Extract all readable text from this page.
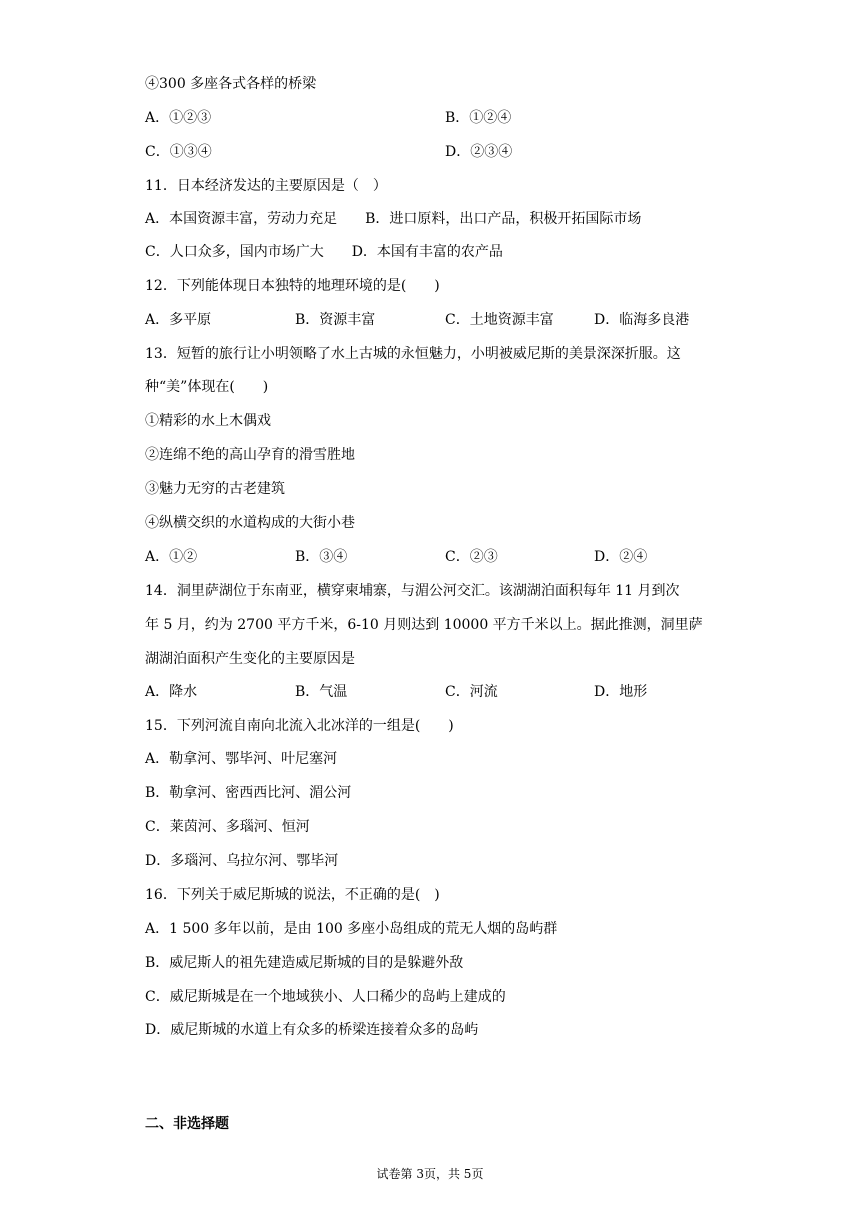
④300 多座各式各样的桥梁
A．①②③	B．①②④
C．①③④	D．②③④
11．日本经济发达的主要原因是（　）
A．本国资源丰富，劳动力充足　　B．进口原料，出口产品，积极开拓国际市场
C．人口众多，国内市场广大　　D．本国有丰富的农产品
12．下列能体现日本独特的地理环境的是(　　)
A．多平原	B．资源丰富	C．土地资源丰富	D．临海多良港
13．短暂的旅行让小明领略了水上古城的永恒魅力，小明被威尼斯的美景深深折服。这
种“美”体现在(　　)
①精彩的水上木偶戏
②连绵不绝的高山孕育的滑雪胜地
③魅力无穷的古老建筑
④纵横交织的水道构成的大街小巷
A．①②	B．③④	C．②③	D．②④
14．洞里萨湖位于东南亚，横穿柬埔寨，与湄公河交汇。该湖湖泊面积每年 11 月到次
年 5 月，约为 2700 平方千米，6-10 月则达到 10000 平方千米以上。据此推测，洞里萨
湖湖泊面积产生变化的主要原因是
A．降水	B．气温	C．河流	D．地形
15．下列河流自南向北流入北冰洋的一组是(　　)
A．勒拿河、鄂毕河、叶尼塞河
B．勒拿河、密西西比河、湄公河
C．莱茵河、多瑙河、恒河
D．多瑙河、乌拉尔河、鄂毕河
16．下列关于威尼斯城的说法，不正确的是(　)
A．1 500 多年以前，是由 100 多座小岛组成的荒无人烟的岛屿群
B．威尼斯人的祖先建造威尼斯城的目的是躲避外敌
C．威尼斯城是在一个地域狭小、人口稀少的岛屿上建成的
D．威尼斯城的水道上有众多的桥梁连接着众多的岛屿
二、非选择题
试卷第 3页，共 5页
